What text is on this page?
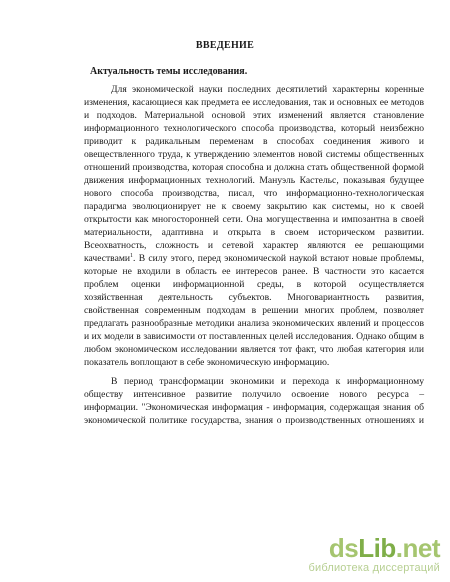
ВВЕДЕНИЕ
Актуальность темы исследования.
Для экономической науки последних десятилетий характерны коренные
изменения, касающиеся как предмета ее исследования, так и основных ее методов
и подходов. Материальной основой этих изменений является становление
информационного технологического способа производства, который неизбежно
приводит к радикальным переменам в способах соединения живого и
овеществленного труда, к утверждению элементов новой системы общественных
отношений производства, которая способна и должна стать общественной формой
движения информационных технологий. Мануэль Кастельс, показывая будущее
нового способа производства, писал, что информационно-технологическая
парадигма эволюционирует не к своему закрытию как системы, но к своей
открытости как многосторонней сети. Она могущественна и импозантна в своей
материальности, адаптивна и открыта в своем историческом развитии.
Всеохватность, сложность и сетевой характер являются ее решающими
качествами$^1$. В силу этого, перед экономической наукой встают новые проблемы,
которые не входили в область ее интересов ранее. В частности это касается
проблем оценки информационной среды, в которой осуществляется
хозяйственная деятельность субъектов. Многовариантность развития,
свойственная современным подходам в решении многих проблем, позволяет
предлагать разнообразные методики анализа экономических явлений и процессов
и их модели в зависимости от поставленных целей исследования. Однако общим в
любом экономическом исследовании является тот факт, что любая категория или
показатель воплощают в себе экономическую информацию.
В период трансформации экономики и перехода к информационному
обществу интенсивное развитие получило освоение нового ресурса –
информации. "Экономическая информация - информация, содержащая знания об
экономической политике государства, знания о производственных отношениях и
dsLib.net
библиотека диссертаций
